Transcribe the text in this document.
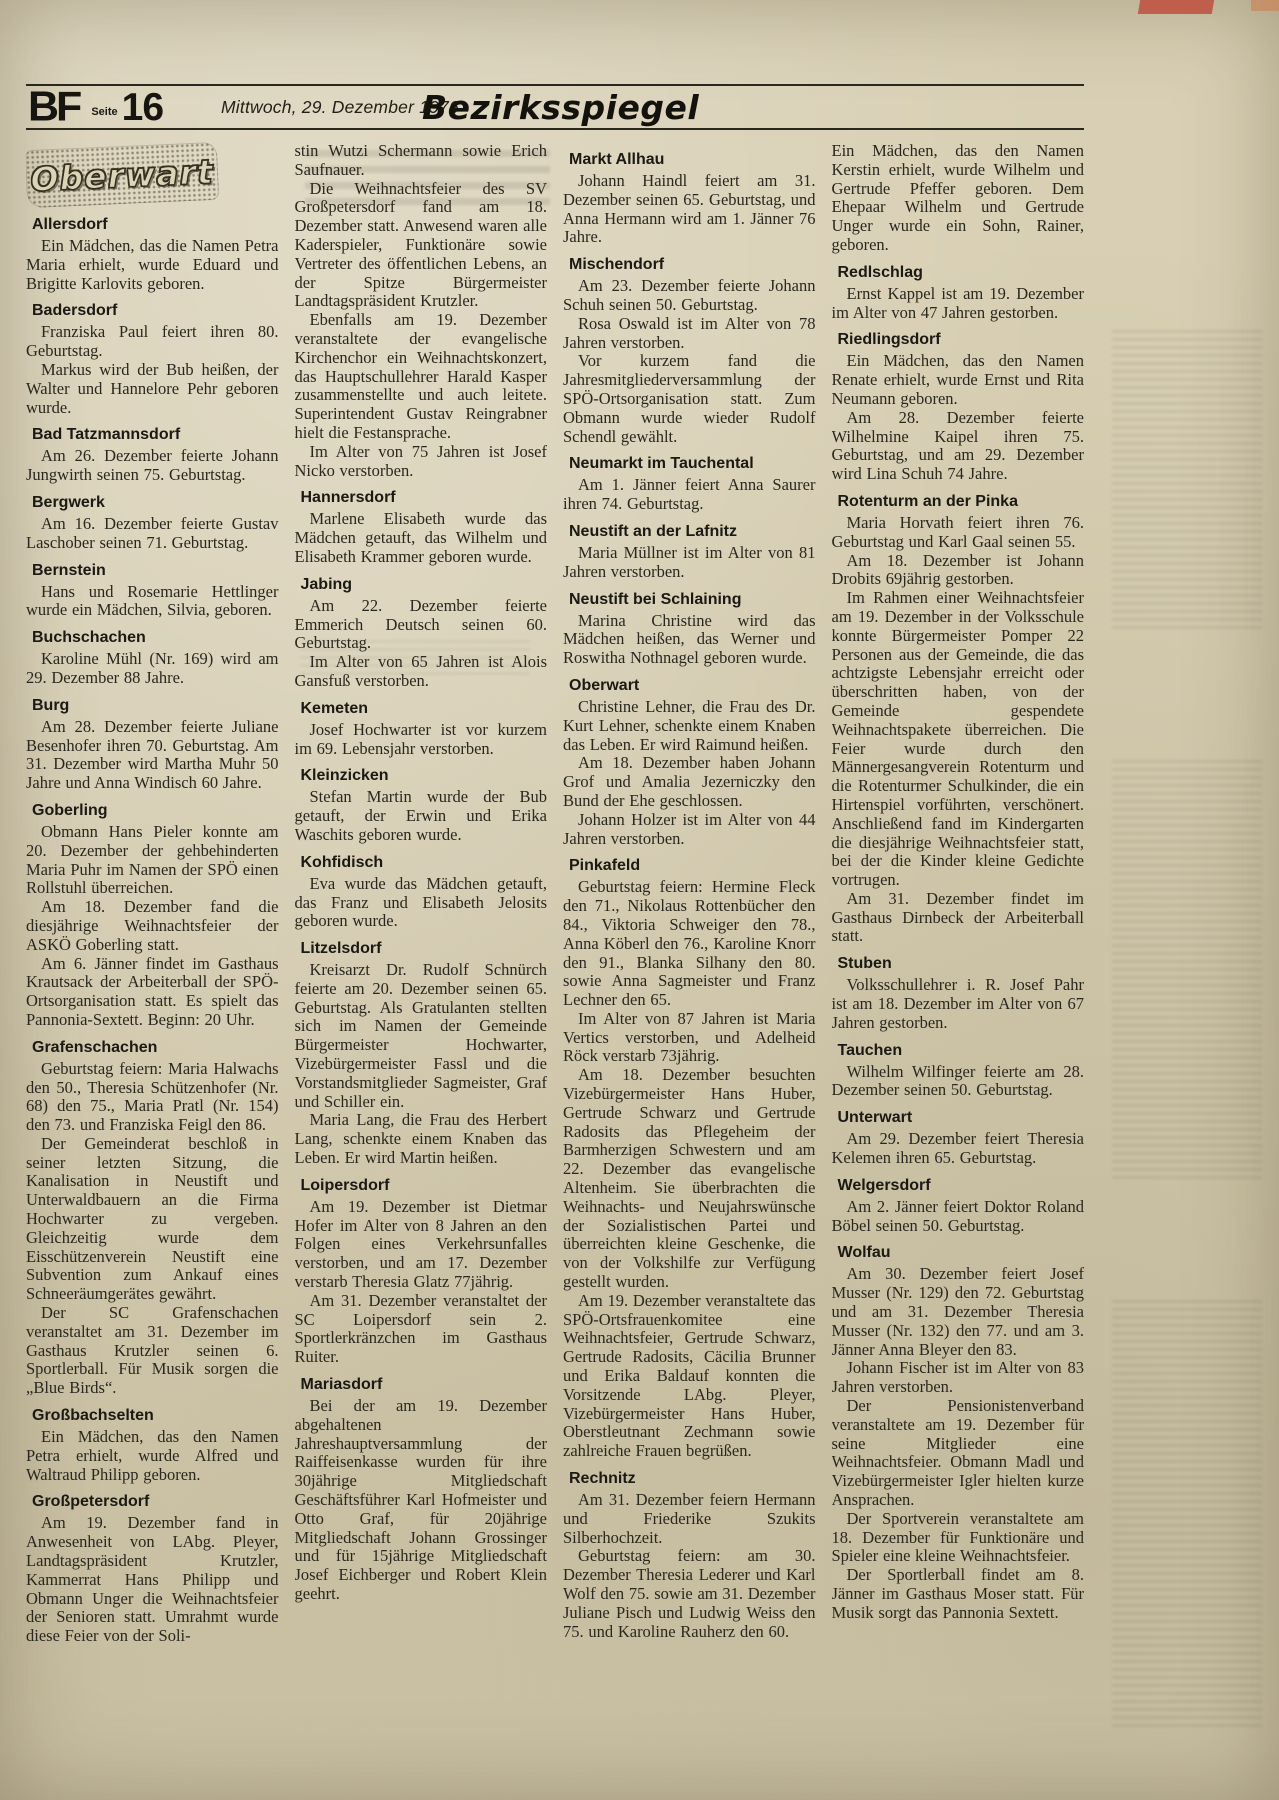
BF Seite 16	Mittwoch, 29. Dezember 1976
Bezirksspiegel
Oberwart
Allersdorf

Ein Mädchen, das die Namen Petra Maria erhielt, wurde Eduard und Brigitte Karlovits geboren.

Badersdorf

Franziska Paul feiert ihren 80. Geburtstag.

Markus wird der Bub heißen, der Walter und Hannelore Pehr geboren wurde.

Bad Tatzmannsdorf

Am 26. Dezember feierte Johann Jungwirth seinen 75. Geburtstag.

Bergwerk

Am 16. Dezember feierte Gustav Laschober seinen 71. Geburtstag.

Bernstein

Hans und Rosemarie Hettlinger wurde ein Mädchen, Silvia, geboren.

Buchschachen

Karoline Mühl (Nr. 169) wird am 29. Dezember 88 Jahre.

Burg

Am 28. Dezember feierte Juliane Besenhofer ihren 70. Geburtstag. Am 31. Dezember wird Martha Muhr 50 Jahre und Anna Windisch 60 Jahre.

Goberling

Obmann Hans Pieler konnte am 20. Dezember der gehbehinderten Maria Puhr im Namen der SPÖ einen Rollstuhl überreichen.

Am 18. Dezember fand die diesjährige Weihnachtsfeier der ASKÖ Goberling statt.

Am 6. Jänner findet im Gasthaus Krautsack der Arbeiterball der SPÖ-Ortsorganisation statt. Es spielt das Pannonia-Sextett. Beginn: 20 Uhr.

Grafenschachen

Geburtstag feiern: Maria Halwachs den 50., Theresia Schützenhofer (Nr. 68) den 75., Maria Pratl (Nr. 154) den 73. und Franziska Feigl den 86.

Der Gemeinderat beschloß in seiner letzten Sitzung, die Kanalisation in Neustift und Unterwaldbauern an die Firma Hochwarter zu vergeben. Gleichzeitig wurde dem Eisschützenverein Neustift eine Subvention zum Ankauf eines Schneeräumgerätes gewährt.

Der SC Grafenschachen veranstaltet am 31. Dezember im Gasthaus Krutzler seinen 6. Sportlerball. Für Musik sorgen die „Blue Birds“.

Großbachselten

Ein Mädchen, das den Namen Petra erhielt, wurde Alfred und Waltraud Philipp geboren.

Großpetersdorf

Am 19. Dezember fand in Anwesenheit von LAbg. Pleyer, Landtagspräsident Krutzler, Kammerrat Hans Philipp und Obmann Unger die Weihnachtsfeier der Senioren statt. Umrahmt wurde diese Feier von der Soli-

stin Wutzi Schermann sowie Erich Saufnauer.

Die Weihnachtsfeier des SV Großpetersdorf fand am 18. Dezember statt. Anwesend waren alle Kaderspieler, Funktionäre sowie Vertreter des öffentlichen Lebens, an der Spitze Bürgermeister Landtagspräsident Krutzler.

Ebenfalls am 19. Dezember veranstaltete der evangelische Kirchenchor ein Weihnachtskonzert, das Hauptschullehrer Harald Kasper zusammenstellte und auch leitete. Superintendent Gustav Reingrabner hielt die Festansprache.

Im Alter von 75 Jahren ist Josef Nicko verstorben.

Hannersdorf

Marlene Elisabeth wurde das Mädchen getauft, das Wilhelm und Elisabeth Krammer geboren wurde.

Jabing

Am 22. Dezember feierte Emmerich Deutsch seinen 60. Geburtstag.

Im Alter von 65 Jahren ist Alois Gansfuß verstorben.

Kemeten

Josef Hochwarter ist vor kurzem im 69. Lebensjahr verstorben.

Kleinzicken

Stefan Martin wurde der Bub getauft, der Erwin und Erika Waschits geboren wurde.

Kohfidisch

Eva wurde das Mädchen getauft, das Franz und Elisabeth Jelosits geboren wurde.

Litzelsdorf

Kreisarzt Dr. Rudolf Schnürch feierte am 20. Dezember seinen 65. Geburtstag. Als Gratulanten stellten sich im Namen der Gemeinde Bürgermeister Hochwarter, Vizebürgermeister Fassl und die Vorstandsmitglieder Sagmeister, Graf und Schiller ein.

Maria Lang, die Frau des Herbert Lang, schenkte einem Knaben das Leben. Er wird Martin heißen.

Loipersdorf

Am 19. Dezember ist Dietmar Hofer im Alter von 8 Jahren an den Folgen eines Verkehrsunfalles verstorben, und am 17. Dezember verstarb Theresia Glatz 77jährig.

Am 31. Dezember veranstaltet der SC Loipersdorf sein 2. Sportlerkränzchen im Gasthaus Ruiter.

Mariasdorf

Bei der am 19. Dezember abgehaltenen Jahreshauptversammlung der Raiffeisenkasse wurden für ihre 30jährige Mitgliedschaft Geschäftsführer Karl Hofmeister und Otto Graf, für 20jährige Mitgliedschaft Johann Grossinger und für 15jährige Mitgliedschaft Josef Eichberger und Robert Klein geehrt.

Markt Allhau

Johann Haindl feiert am 31. Dezember seinen 65. Geburtstag, und Anna Hermann wird am 1. Jänner 76 Jahre.

Mischendorf

Am 23. Dezember feierte Johann Schuh seinen 50. Geburtstag.

Rosa Oswald ist im Alter von 78 Jahren verstorben.

Vor kurzem fand die Jahresmitgliederversammlung der SPÖ-Ortsorganisation statt. Zum Obmann wurde wieder Rudolf Schendl gewählt.

Neumarkt im Tauchental

Am 1. Jänner feiert Anna Saurer ihren 74. Geburtstag.

Neustift an der Lafnitz

Maria Müllner ist im Alter von 81 Jahren verstorben.

Neustift bei Schlaining

Marina Christine wird das Mädchen heißen, das Werner und Roswitha Nothnagel geboren wurde.

Oberwart

Christine Lehner, die Frau des Dr. Kurt Lehner, schenkte einem Knaben das Leben. Er wird Raimund heißen.

Am 18. Dezember haben Johann Grof und Amalia Jezerniczky den Bund der Ehe geschlossen.

Johann Holzer ist im Alter von 44 Jahren verstorben.

Pinkafeld

Geburtstag feiern: Hermine Fleck den 71., Nikolaus Rottenbücher den 84., Viktoria Schweiger den 78., Anna Köberl den 76., Karoline Knorr den 91., Blanka Silhany den 80. sowie Anna Sagmeister und Franz Lechner den 65.

Im Alter von 87 Jahren ist Maria Vertics verstorben, und Adelheid Röck verstarb 73jährig.

Am 18. Dezember besuchten Vizebürgermeister Hans Huber, Gertrude Schwarz und Gertrude Radosits das Pflegeheim der Barmherzigen Schwestern und am 22. Dezember das evangelische Altenheim. Sie überbrachten die Weihnachts- und Neujahrswünsche der Sozialistischen Partei und überreichten kleine Geschenke, die von der Volkshilfe zur Verfügung gestellt wurden.

Am 19. Dezember veranstaltete das SPÖ-Ortsfrauenkomitee eine Weihnachtsfeier, Gertrude Schwarz, Gertrude Radosits, Cäcilia Brunner und Erika Baldauf konnten die Vorsitzende LAbg. Pleyer, Vizebürgermeister Hans Huber, Oberstleutnant Zechmann sowie zahlreiche Frauen begrüßen.

Rechnitz

Am 31. Dezember feiern Hermann und Friederike Szukits Silberhochzeit.

Geburtstag feiern: am 30. Dezember Theresia Lederer und Karl Wolf den 75. sowie am 31. Dezember Juliane Pisch und Ludwig Weiss den 75. und Karoline Rauherz den 60.

Ein Mädchen, das den Namen Kerstin erhielt, wurde Wilhelm und Gertrude Pfeffer geboren. Dem Ehepaar Wilhelm und Gertrude Unger wurde ein Sohn, Rainer, geboren.

Redlschlag

Ernst Kappel ist am 19. Dezember im Alter von 47 Jahren gestorben.

Riedlingsdorf

Ein Mädchen, das den Namen Renate erhielt, wurde Ernst und Rita Neumann geboren.

Am 28. Dezember feierte Wilhelmine Kaipel ihren 75. Geburtstag, und am 29. Dezember wird Lina Schuh 74 Jahre.

Rotenturm an der Pinka

Maria Horvath feiert ihren 76. Geburtstag und Karl Gaal seinen 55.

Am 18. Dezember ist Johann Drobits 69jährig gestorben.

Im Rahmen einer Weihnachtsfeier am 19. Dezember in der Volksschule konnte Bürgermeister Pomper 22 Personen aus der Gemeinde, die das achtzigste Lebensjahr erreicht oder überschritten haben, von der Gemeinde gespendete Weihnachtspakete überreichen. Die Feier wurde durch den Männergesangverein Rotenturm und die Rotenturmer Schulkinder, die ein Hirtenspiel vorführten, verschönert. Anschließend fand im Kindergarten die diesjährige Weihnachtsfeier statt, bei der die Kinder kleine Gedichte vortrugen.

Am 31. Dezember findet im Gasthaus Dirnbeck der Arbeiterball statt.

Stuben

Volksschullehrer i. R. Josef Pahr ist am 18. Dezember im Alter von 67 Jahren gestorben.

Tauchen

Wilhelm Wilfinger feierte am 28. Dezember seinen 50. Geburtstag.

Unterwart

Am 29. Dezember feiert Theresia Kelemen ihren 65. Geburtstag.

Welgersdorf

Am 2. Jänner feiert Doktor Roland Böbel seinen 50. Geburtstag.

Wolfau

Am 30. Dezember feiert Josef Musser (Nr. 129) den 72. Geburtstag und am 31. Dezember Theresia Musser (Nr. 132) den 77. und am 3. Jänner Anna Bleyer den 83.

Johann Fischer ist im Alter von 83 Jahren verstorben.

Der Pensionistenverband veranstaltete am 19. Dezember für seine Mitglieder eine Weihnachtsfeier. Obmann Madl und Vizebürgermeister Igler hielten kurze Ansprachen.

Der Sportverein veranstaltete am 18. Dezember für Funktionäre und Spieler eine kleine Weihnachtsfeier.

Der Sportlerball findet am 8. Jänner im Gasthaus Moser statt. Für Musik sorgt das Pannonia Sextett.
